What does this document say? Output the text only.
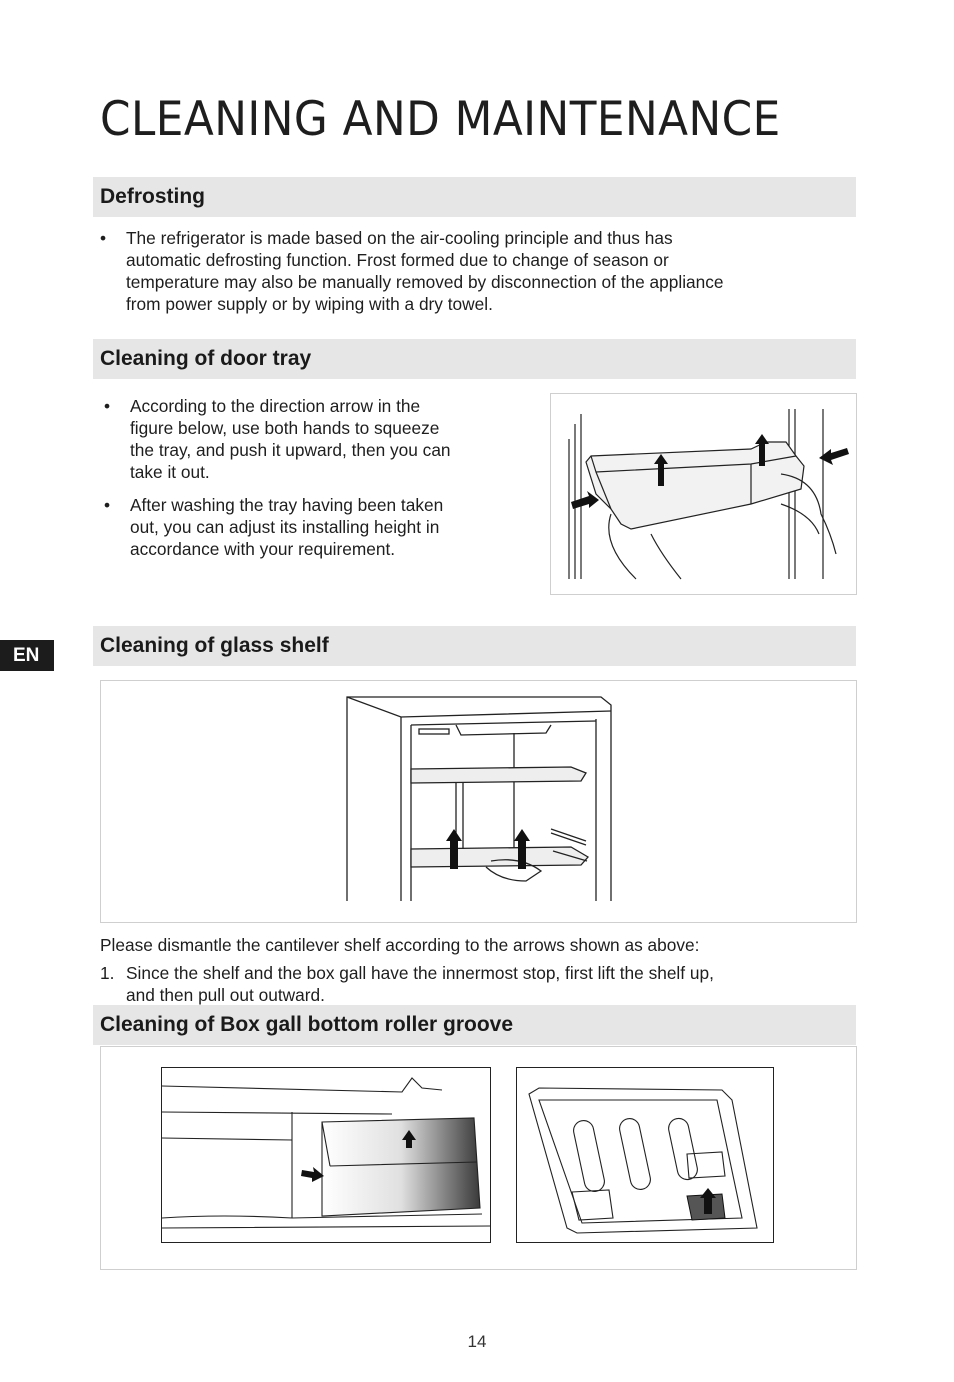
CLEANING AND MAINTENANCE
Defrosting
• The refrigerator is made based on the air-cooling principle and thus has
automatic defrosting function. Frost formed due to change of season or
temperature may also be manually removed by disconnection of the appliance
from power supply or by wiping with a dry towel.
Cleaning of door tray
• According to the direction arrow in the
figure below, use both hands to squeeze
the tray, and push it upward, then you can
take it out.
• After washing the tray having been taken
out, you can adjust its installing height in
accordance with your requirement.
EN	Cleaning of glass shelf
Please dismantle the cantilever shelf according to the arrows shown as above:
1. Since the shelf and the box gall have the innermost stop, first lift the shelf up,
and then pull out outward.
Cleaning of Box gall bottom roller groove
14
